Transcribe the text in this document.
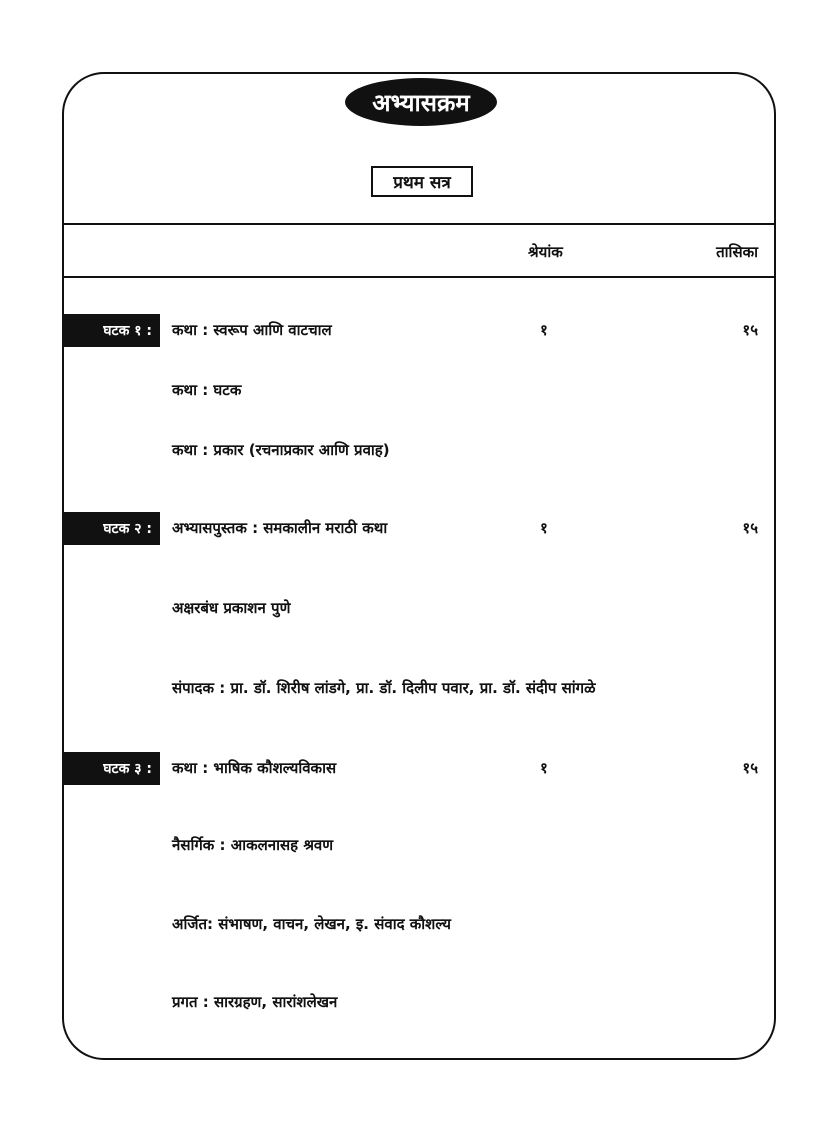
अभ्यासक्रम
प्रथम सत्र
श्रेयांक	तासिका
घटक १ :	कथा : स्वरूप आणि वाटचाल	१	१५
कथा : घटक
कथा : प्रकार (रचनाप्रकार आणि प्रवाह)
घटक २ :	अभ्यासपुस्तक : समकालीन मराठी कथा	१	१५
अक्षरबंध प्रकाशन पुणे
संपादक : प्रा. डॉ. शिरीष लांडगे, प्रा. डॉ. दिलीप पवार, प्रा. डॉ. संदीप सांगळे
घटक ३ :	कथा : भाषिक कौशल्यविकास	१	१५
नैसर्गिक : आकलनासह श्रवण
अर्जित: संभाषण, वाचन, लेखन, इ. संवाद कौशल्य
प्रगत : सारग्रहण, सारांशलेखन
